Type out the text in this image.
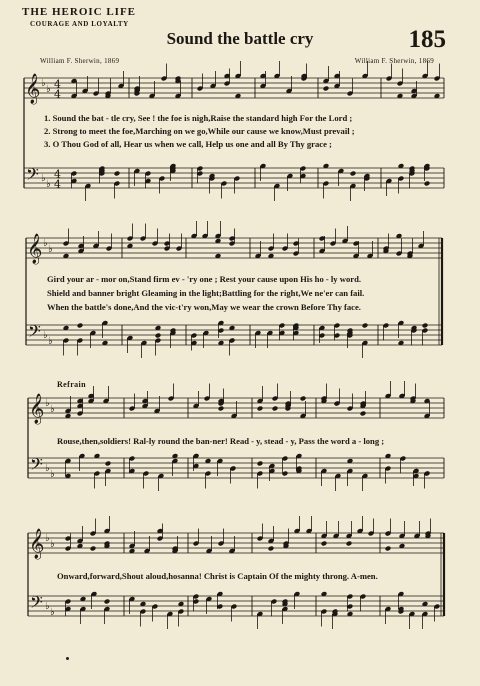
THE HEROIC LIFE
COURAGE AND LOYALTY
Sound the battle cry	185
William F. Sherwin, 1869	William F. Sherwin, 1869
𝄞
𝄢
♭
♭
♭
♭
4
4
4
4
𝄞
𝄢
♭
♭
♭
♭
𝄞
𝄢
♭
♭
♭
♭
𝄞
𝄢
♭
♭
♭
♭
1. Sound the bat - tle cry, See ! the foe is nigh,Raise the standard high For the Lord ;
2. Strong to meet the foe,Marching on we go,While our cause we know,Must prevail ;
3. O Thou God of all, Hear us when we call, Help us one and all By Thy grace ;
Gird your ar - mor on,Stand firm ev - 'ry one ; Rest your cause upon His ho - ly word.
Shield and banner bright Gleaming in the light;Battling for the right,We ne'er can fail.
When the battle's done,And the vic-t'ry won,May we wear the crown Before Thy face.
Refrain
Rouse,then,soldiers! Ral-ly round the ban-ner! Read - y, stead - y, Pass the word a - long ;
Onward,forward,Shout aloud,hosanna! Christ is Captain Of the mighty throng. A-men.
